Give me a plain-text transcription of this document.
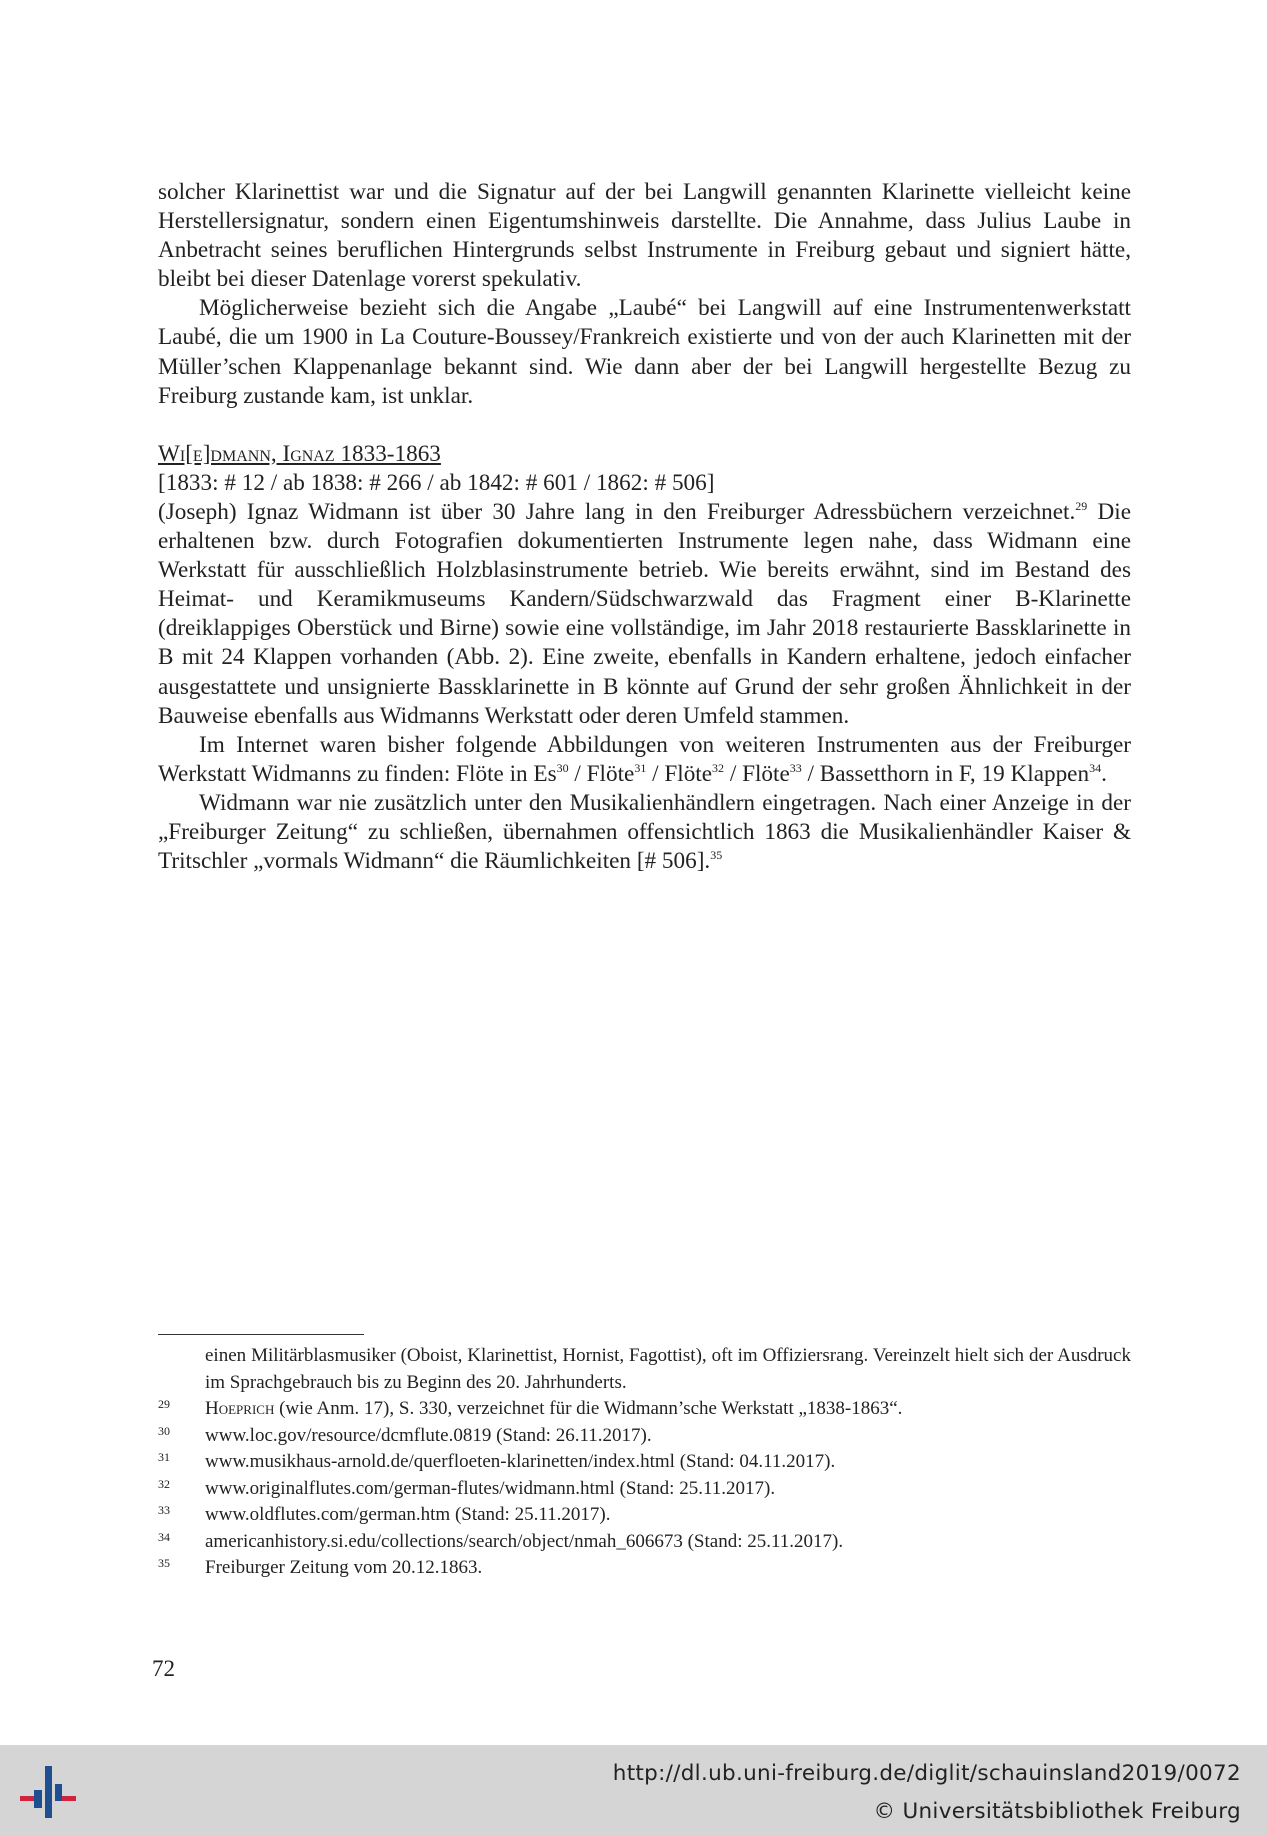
solcher Klarinettist war und die Signatur auf der bei Langwill genannten Klarinette vielleicht keine Herstellersignatur, sondern einen Eigentumshinweis darstellte. Die Annahme, dass Julius Laube in Anbetracht seines beruflichen Hintergrunds selbst Instrumente in Freiburg gebaut und signiert hätte, bleibt bei dieser Datenlage vorerst spekulativ.

Möglicherweise bezieht sich die Angabe „Laubé“ bei Langwill auf eine Instrumentenwerkstatt Laubé, die um 1900 in La Couture-Boussey/Frankreich existierte und von der auch Klarinetten mit der Müller’schen Klappenanlage bekannt sind. Wie dann aber der bei Langwill hergestellte Bezug zu Freiburg zustande kam, ist unklar.

Wi[e]dmann, Ignaz 1833-1863

[1833: # 12 / ab 1838: # 266 / ab 1842: # 601 / 1862: # 506]

(Joseph) Ignaz Widmann ist über 30 Jahre lang in den Freiburger Adressbüchern verzeichnet.$^{29}$ Die erhaltenen bzw. durch Fotografien dokumentierten Instrumente legen nahe, dass Widmann eine Werkstatt für ausschließlich Holzblasinstrumente betrieb. Wie bereits erwähnt, sind im Bestand des Heimat- und Keramikmuseums Kandern/Südschwarzwald das Fragment einer B-Klarinette (dreiklappiges Oberstück und Birne) sowie eine vollständige, im Jahr 2018 restaurierte Bassklarinette in B mit 24 Klappen vorhanden (Abb. 2). Eine zweite, ebenfalls in Kandern erhaltene, jedoch einfacher ausgestattete und unsignierte Bassklarinette in B könnte auf Grund der sehr großen Ähnlichkeit in der Bauweise ebenfalls aus Widmanns Werkstatt oder deren Umfeld stammen.

Im Internet waren bisher folgende Abbildungen von weiteren Instrumenten aus der Freiburger Werkstatt Widmanns zu finden: Flöte in Es$^{30}$ / Flöte$^{31}$ / Flöte$^{32}$ / Flöte$^{33}$ / Bassetthorn in F, 19 Klappen$^{34}$.

Widmann war nie zusätzlich unter den Musikalienhändlern eingetragen. Nach einer Anzeige in der „Freiburger Zeitung“ zu schließen, übernahmen offensichtlich 1863 die Musikalienhändler Kaiser & Tritschler „vormals Widmann“ die Räumlichkeiten [# 506].$^{35}$

einen Militärblasmusiker (Oboist, Klarinettist, Hornist, Fagottist), oft im Offiziersrang. Vereinzelt hielt sich der Ausdruck im Sprachgebrauch bis zu Beginn des 20. Jahrhunderts.
29	Hoeprich (wie Anm. 17), S. 330, verzeichnet für die Widmann’sche Werkstatt „1838-1863“.
30	www.loc.gov/resource/dcmflute.0819 (Stand: 26.11.2017).
31	www.musikhaus-arnold.de/querfloeten-klarinetten/index.html (Stand: 04.11.2017).
32	www.originalflutes.com/german-flutes/widmann.html (Stand: 25.11.2017).
33	www.oldflutes.com/german.htm (Stand: 25.11.2017).
34	americanhistory.si.edu/collections/search/object/nmah_606673 (Stand: 25.11.2017).
35	Freiburger Zeitung vom 20.12.1863.
72
http://dl.ub.uni-freiburg.de/diglit/schauinsland2019/0072
© Universitätsbibliothek Freiburg
